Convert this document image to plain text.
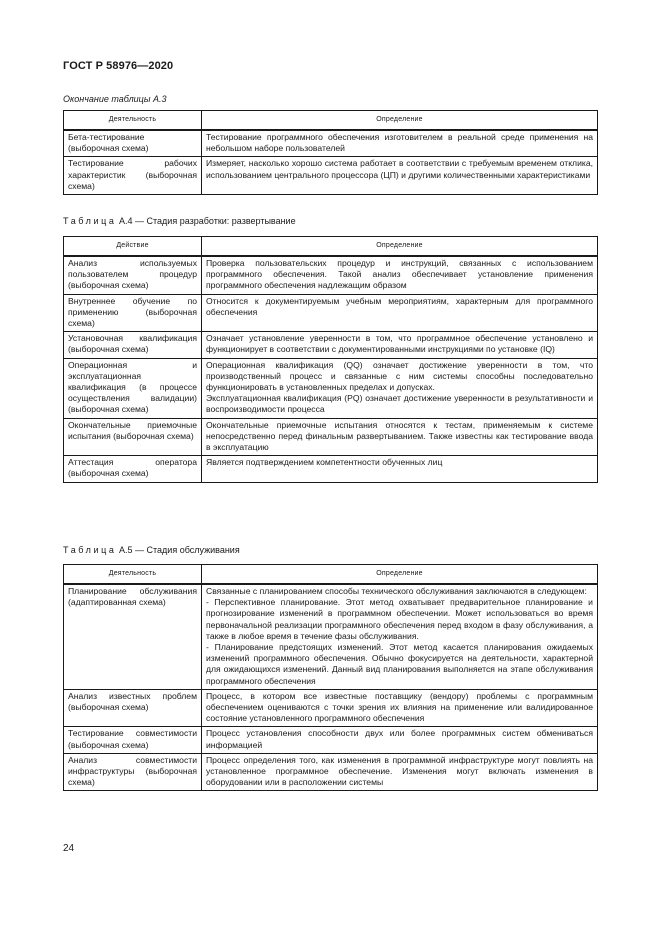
ГОСТ Р 58976—2020
Окончание таблицы А.3
Деятельность	Определение
Бета-тестирование (выборочная схема)	Тестирование программного обеспечения изготовителем в реальной среде применения на небольшом наборе пользователей
Тестирование рабочих характеристик (выборочная схема)	Измеряет, насколько хорошо система работает в соответствии с требуемым временем отклика, использованием центрального процессора (ЦП) и другими количественными характеристиками
Таблица А.4 — Стадия разработки: развертывание
Действие	Определение
Анализ используемых пользователем процедур (выборочная схема)	Проверка пользовательских процедур и инструкций, связанных с использованием программного обеспечения. Такой анализ обеспечивает установление применения программного обеспечения надлежащим образом
Внутреннее обучение по применению (выборочная схема)	Относится к документируемым учебным мероприятиям, характерным для программного обеспечения
Установочная квалификация (выборочная схема)	Означает установление уверенности в том, что программное обеспечение установлено и функционирует в соответствии с документированными инструкциями по установке (IQ)
Операционная и эксплуатационная квалификация (в процессе осуществления валидации) (выборочная схема)	Операционная квалификация (QQ) означает достижение уверенности в том, что производственный процесс и связанные с ним системы способны последовательно функционировать в установленных пределах и допусках.
Эксплуатационная квалификация (PQ) означает достижение уверенности в результативности и воспроизводимости процесса

Окончательные приемочные испытания (выборочная схема)	Окончательные приемочные испытания относятся к тестам, применяемым к системе непосредственно перед финальным развертыванием. Также известны как тестирование ввода в эксплуатацию
Аттестация оператора (выборочная схема)	Является подтверждением компетентности обученных лиц
Таблица А.5 — Стадия обслуживания
Деятельность	Определение
Планирование обслуживания (адаптированная схема)	Связанные с планированием способы технического обслуживания заключаются в следующем:
- Перспективное планирование. Этот метод охватывает предварительное планирование и прогнозирование изменений в программном обеспечении. Может использоваться во время первоначальной реализации программного обеспечения перед входом в фазу обслуживания, а также в любое время в течение фазы обслуживания.
- Планирование предстоящих изменений. Этот метод касается планирования ожидаемых изменений программного обеспечения. Обычно фокусируется на деятельности, характерной для ожидающихся изменений. Данный вид планирования выполняется на этапе обслуживания программного обеспечения

Анализ известных проблем (выборочная схема)	Процесс, в котором все известные поставщику (вендору) проблемы с программным обеспечением оцениваются с точки зрения их влияния на применение или валидированное состояние установленного программного обеспечения
Тестирование совместимости (выборочная схема)	Процесс установления способности двух или более программных систем обмениваться информацией
Анализ совместимости инфраструктуры (выборочная схема)	Процесс определения того, как изменения в программной инфраструктуре могут повлиять на установленное программное обеспечение. Изменения могут включать изменения в оборудовании или в расположении системы
24
